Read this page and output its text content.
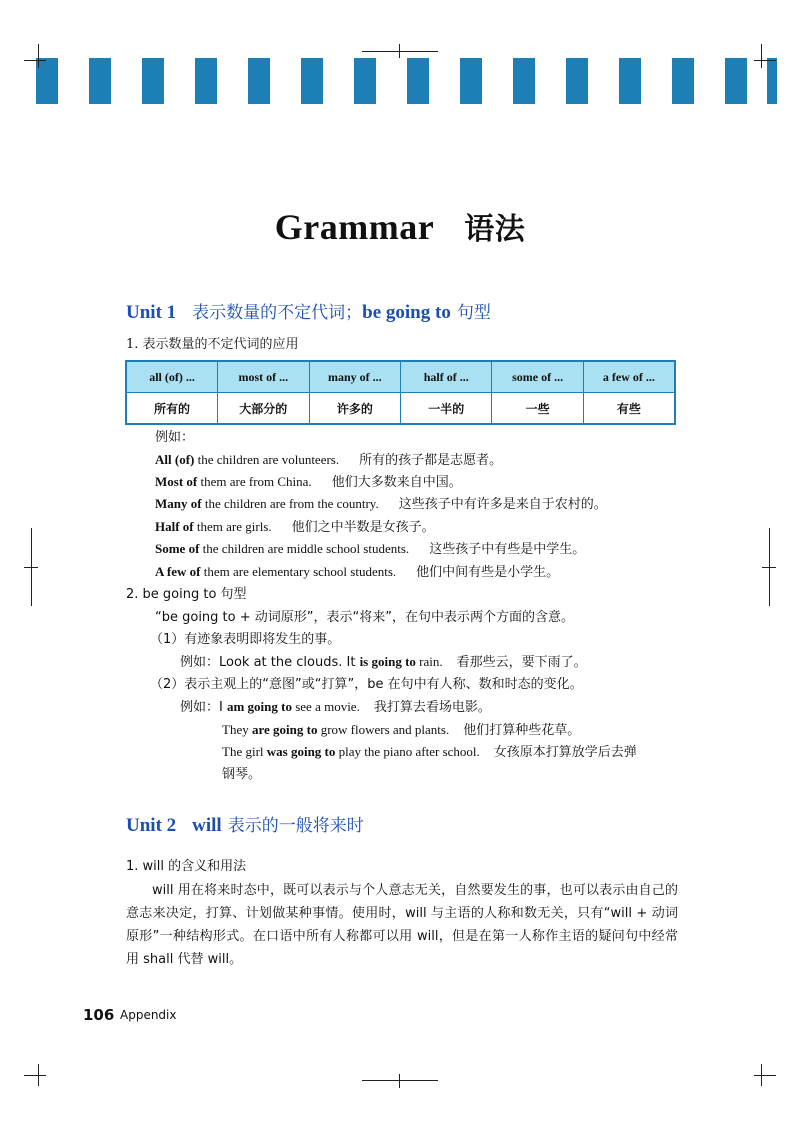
Grammar 语法
Unit 1 表示数量的不定代词；be going to 句型
1. 表示数量的不定代词的应用
all (of) ...	most of ...	many of ...	half of ...	some of ...	a few of ...
所有的	大部分的	许多的	一半的	一些	有些
例如：
All (of) the children are volunteers. 所有的孩子都是志愿者。
Most of them are from China. 他们大多数来自中国。
Many of the children are from the country. 这些孩子中有许多是来自于农村的。
Half of them are girls. 他们之中半数是女孩子。
Some of the children are middle school students. 这些孩子中有些是中学生。
A few of them are elementary school students. 他们中间有些是小学生。
2. be going to 句型
“be going to + 动词原形”，表示“将来”，在句中表示两个方面的含意。
（1）有迹象表明即将发生的事。
例如：Look at the clouds. It is going to rain. 看那些云，要下雨了。
（2）表示主观上的“意图”或“打算”，be 在句中有人称、数和时态的变化。
例如：I am going to see a movie. 我打算去看场电影。
They are going to grow flowers and plants. 他们打算种些花草。
The girl was going to play the piano after school. 女孩原本打算放学后去弹
钢琴。
Unit 2 will 表示的一般将来时
1. will 的含义和用法
will 用在将来时态中，既可以表示与个人意志无关，自然要发生的事，也可以表示由自己的意志来决定，打算、计划做某种事情。使用时，will 与主语的人称和数无关，只有“will + 动词原形”一种结构形式。在口语中所有人称都可以用 will，但是在第一人称作主语的疑问句中经常用 shall 代替 will。
106 Appendix
